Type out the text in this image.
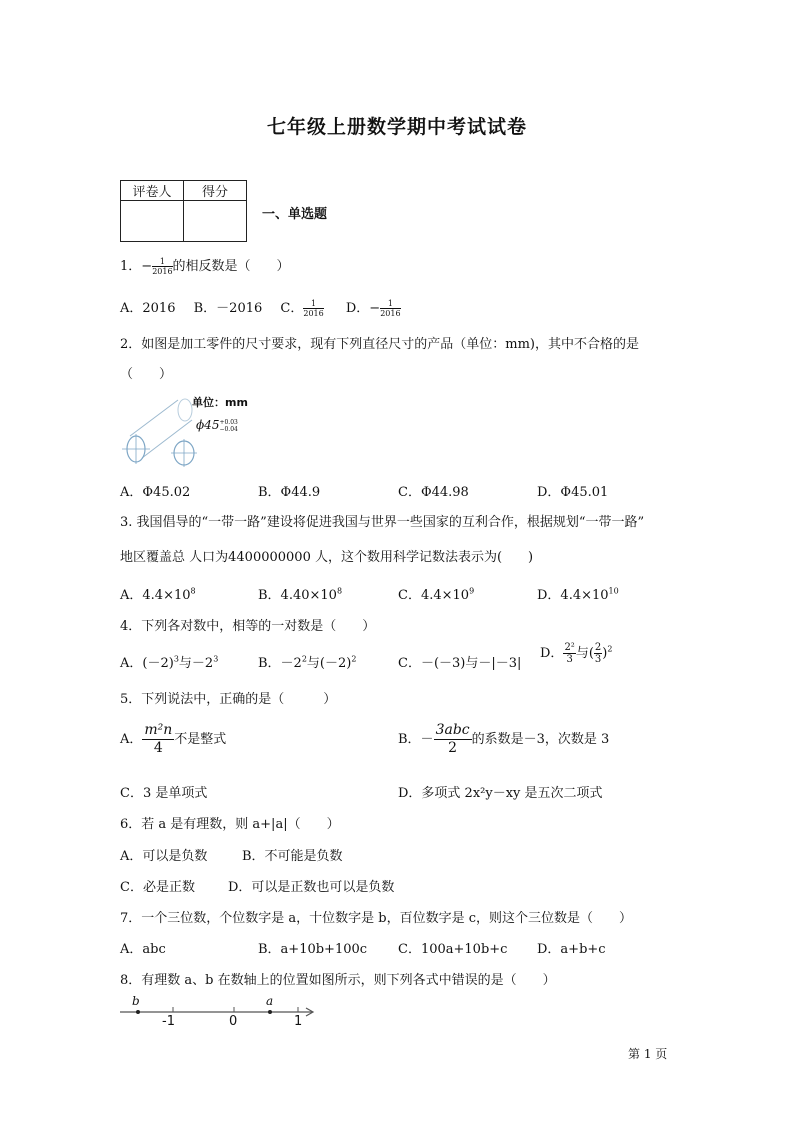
七年级上册数学期中考试试卷
评卷人	得分

一、单选题
1．− $\frac{1}{2016}$ 的相反数是（　　）
A．2016 B．－2016 C． $\frac{1}{2016}$ D．− $\frac{1}{2016}$
2．如图是加工零件的尺寸要求，现有下列直径尺寸的产品（单位：mm)，其中不合格的是
（　　）
单位：mm
ϕ45 +0.03
−0.04
A．Φ45.02	B．Φ44.9	C．Φ44.98	D．Φ45.01
3. 我国倡导的“一带一路”建设将促进我国与世界一些国家的互利合作，根据规划“一带一路”
地区覆盖总 人口为4400000000 人，这个数用科学记数法表示为(　　)
A．$4.4\times 10^8$	B．$4.40\times 10^8$	C．$4.4\times 10^9$	D．$4.4\times 10^{10}$
4．下列各对数中，相等的一对数是（　　）
A．$(-2)^3$与$-2^3$	B．$-2^2$与$(-2)^2$	C．－(－3)与－|－3|
D． $\frac{\text{2²}}{3}$ 与( $\frac{2}{3} )^2$
5．下列说法中，正确的是（　　　）
A． $\frac{\text{m²n}}{4}$ 不是整式	B．－ $\frac{\text{3abc}}{2}$ 的系数是－3，次数是 3
C．3 是单项式	D．多项式 2x²y－xy 是五次二项式
6．若 a 是有理数，则 a+|a|（　　）
A．可以是负数	B．不可能是负数
C．必是正数	D．可以是正数也可以是负数
7．一个三位数，个位数字是 a，十位数字是 b，百位数字是 c，则这个三位数是（　　）
A．abc	B．a+10b+100c C．100a+10b+c D．a+b+c
8．有理数 a、b 在数轴上的位置如图所示，则下列各式中错误的是（　　）
b	a
-1	0	1
第 1 页
